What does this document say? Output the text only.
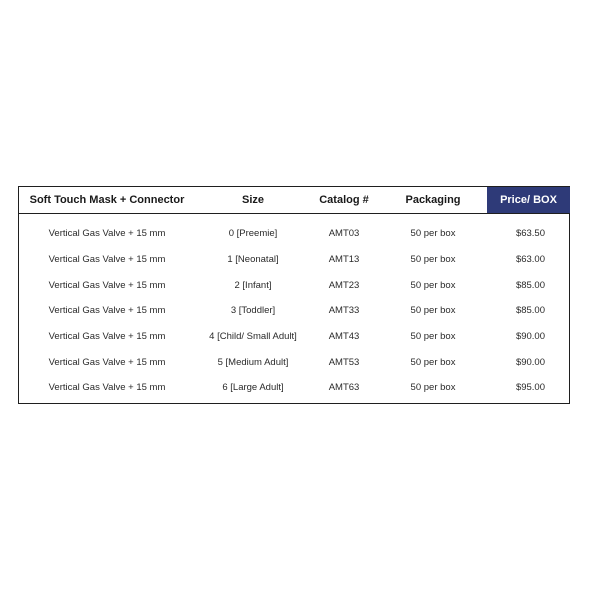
Soft Touch Mask + Connector	Size	Catalog #	Packaging	Price/ BOX
Vertical Gas Valve + 15 mm	0 [Preemie]	AMT03	50 per box	$63.50
Vertical Gas Valve + 15 mm	1 [Neonatal]	AMT13	50 per box	$63.00
Vertical Gas Valve + 15 mm	2 [Infant]	AMT23	50 per box	$85.00
Vertical Gas Valve + 15 mm	3 [Toddler]	AMT33	50 per box	$85.00
Vertical Gas Valve + 15 mm	4 [Child/ Small Adult]	AMT43	50 per box	$90.00
Vertical Gas Valve + 15 mm	5 [Medium Adult]	AMT53	50 per box	$90.00
Vertical Gas Valve + 15 mm	6 [Large Adult]	AMT63	50 per box	$95.00
